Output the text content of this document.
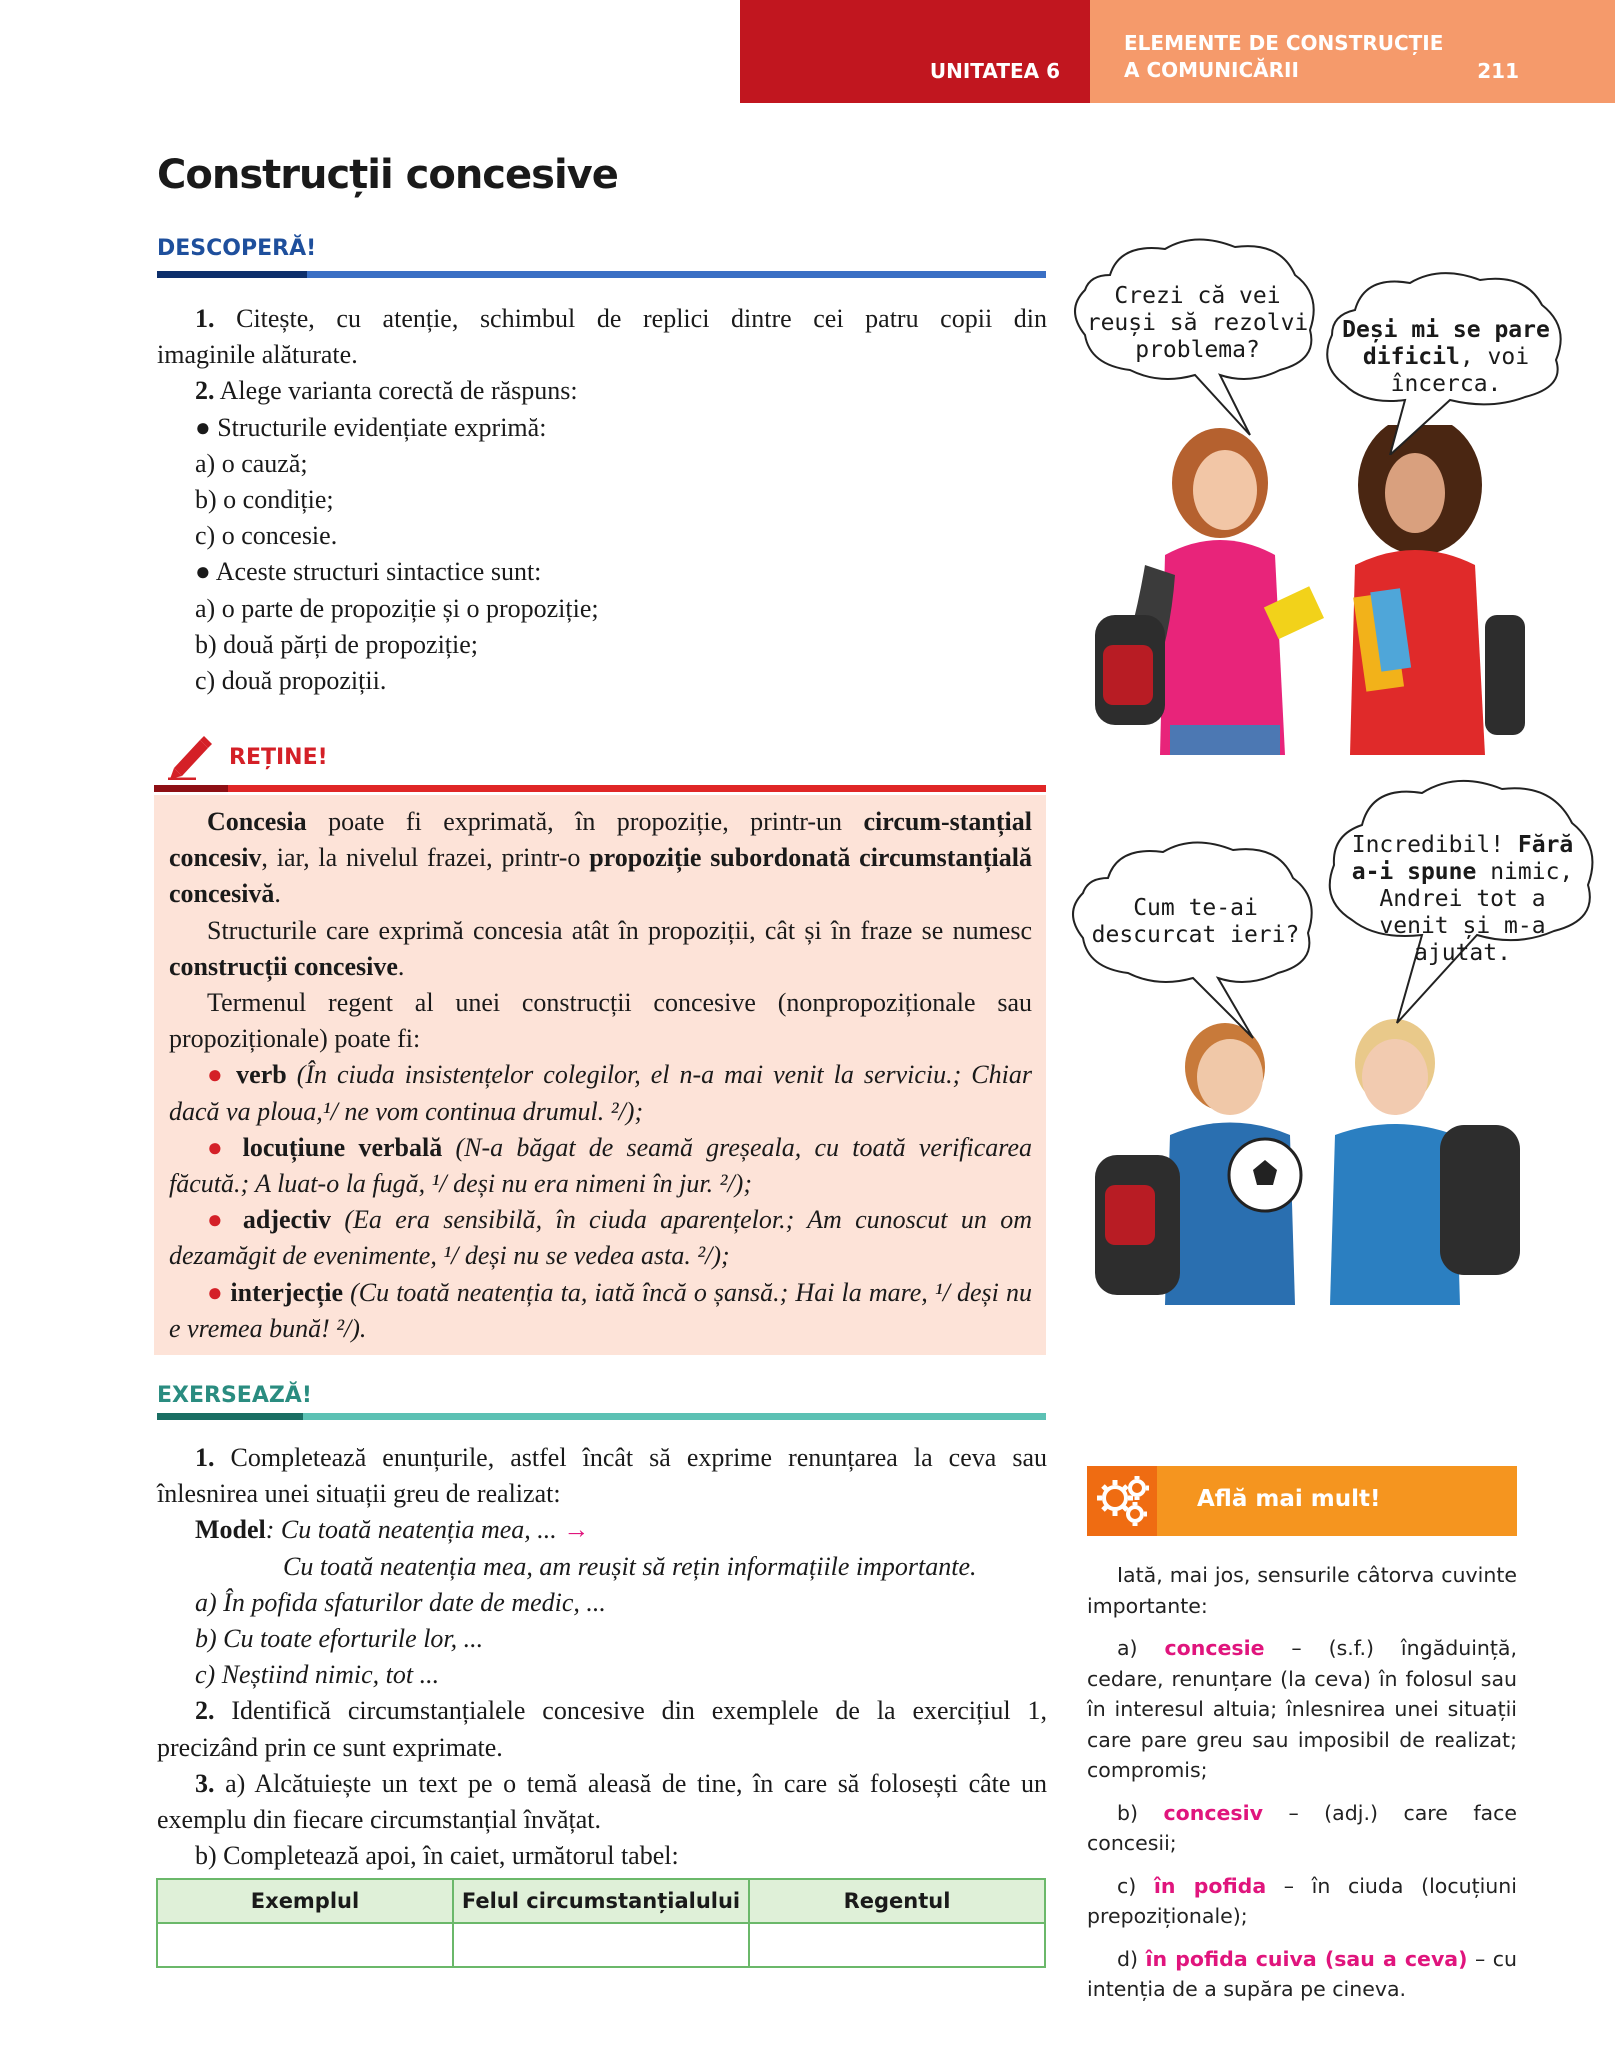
UNITATEA 6
ELEMENTE DE CONSTRUCȚIE
A COMUNICĂRII	211
Construcții concesive
DESCOPERĂ!

1. Citește, cu atenție, schimbul de replici dintre cei patru copii din

imaginile alăturate.

2. Alege varianta corectă de răspuns:

● Structurile evidențiate exprimă:

a) o cauză;

b) o condiție;

c) o concesie.

● Aceste structuri sintactice sunt:

a) o parte de propoziție și o propoziție;

b) două părți de propoziție;

c) două propoziții.

REȚINE!

Concesia poate fi exprimată, în propoziție, printr-un circum-stanțial concesiv, iar, la nivelul frazei, printr-o propoziție subordonată circumstanțială concesivă.

Structurile care exprimă concesia atât în propoziții, cât și în fraze se numesc construcții concesive.

Termenul regent al unei construcții concesive (nonpropoziționale sau propoziționale) poate fi:

● verb (În ciuda insistențelor colegilor, el n-a mai venit la serviciu.; Chiar dacă va ploua,¹/ ne vom continua drumul. ²/);

● locuțiune verbală (N-a băgat de seamă greșeala, cu toată verificarea făcută.; A luat-o la fugă, ¹/ deși nu era nimeni în jur. ²/);

● adjectiv (Ea era sensibilă, în ciuda aparențelor.; Am cunoscut un om dezamăgit de evenimente, ¹/ deși nu se vedea asta. ²/);

● interjecție (Cu toată neatenția ta, iată încă o șansă.; Hai la mare, ¹/ deși nu e vremea bună! ²/).

EXERSEAZĂ!

1. Completează enunțurile, astfel încât să exprime renunțarea la ceva sau înlesnirea unei situații greu de realizat:

Model: Cu toată neatenția mea, ... →

Cu toată neatenția mea, am reușit să rețin informațiile importante.

a) În pofida sfaturilor date de medic, ...

b) Cu toate eforturile lor, ...

c) Neștiind nimic, tot ...

2. Identifică circumstanțialele concesive din exemplele de la exercițiul 1, precizând prin ce sunt exprimate.

3. a) Alcătuiește un text pe o temă aleasă de tine, în care să folosești câte un exemplu din fiecare circumstanțial învățat.

b) Completează apoi, în caiet, următorul tabel:

Exemplul	Felul circumstanțialului	Regentul

Crezi că vei reuși să rezolvi problema?
Deși mi se pare dificil, voi încerca.
Cum te-ai descurcat ieri?
Incredibil! Fără a-i spune nimic, Andrei tot a venit și m-a ajutat.
Află mai mult!

Iată, mai jos, sensurile câtorva cuvinte importante:

a) concesie – (s.f.) îngăduință, cedare, renunțare (la ceva) în folosul sau în interesul altuia; înlesnirea unei situații care pare greu sau imposibil de realizat; compromis;

b) concesiv – (adj.) care face concesii;

c) în pofida – în ciuda (locuțiuni prepoziționale);

d) în pofida cuiva (sau a ceva) – cu intenția de a supăra pe cineva.
